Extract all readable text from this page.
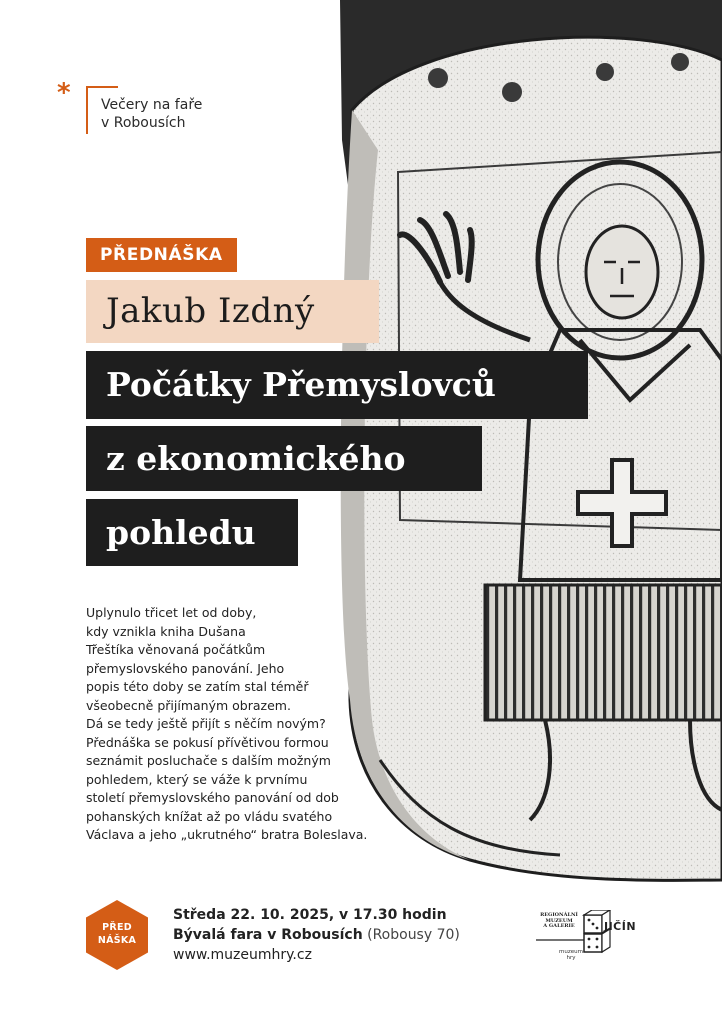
* Večery na faře
v Robousích
PŘEDNÁŠKA
Jakub Izdný
Počátky Přemyslovců
z ekonomického
pohledu
Uplynulo třicet let od doby,
kdy vznikla kniha Dušana
Třeštíka věnovaná počátkům
přemyslovského panování. Jeho
popis této doby se zatím stal téměř
všeobecně přijímaným obrazem.
Dá se tedy ještě přijít s něčím novým?
Přednáška se pokusí přívětivou formou
seznámit posluchače s dalším možným
pohledem, který se váže k prvnímu
století přemyslovského panování od dob
pohanských knížat až po vládu svatého
Václava a jeho „ukrutného“ bratra Boleslava.
PŘED
NÁŠKA
Středa 22. 10. 2025, v 17.30 hodin
Bývalá fara v Robousích (Robousy 70)
www.muzeumhry.cz
REGIONÁLNÍ
MUZEUM
A GALERIE	JIČÍN
muzeum
hry
